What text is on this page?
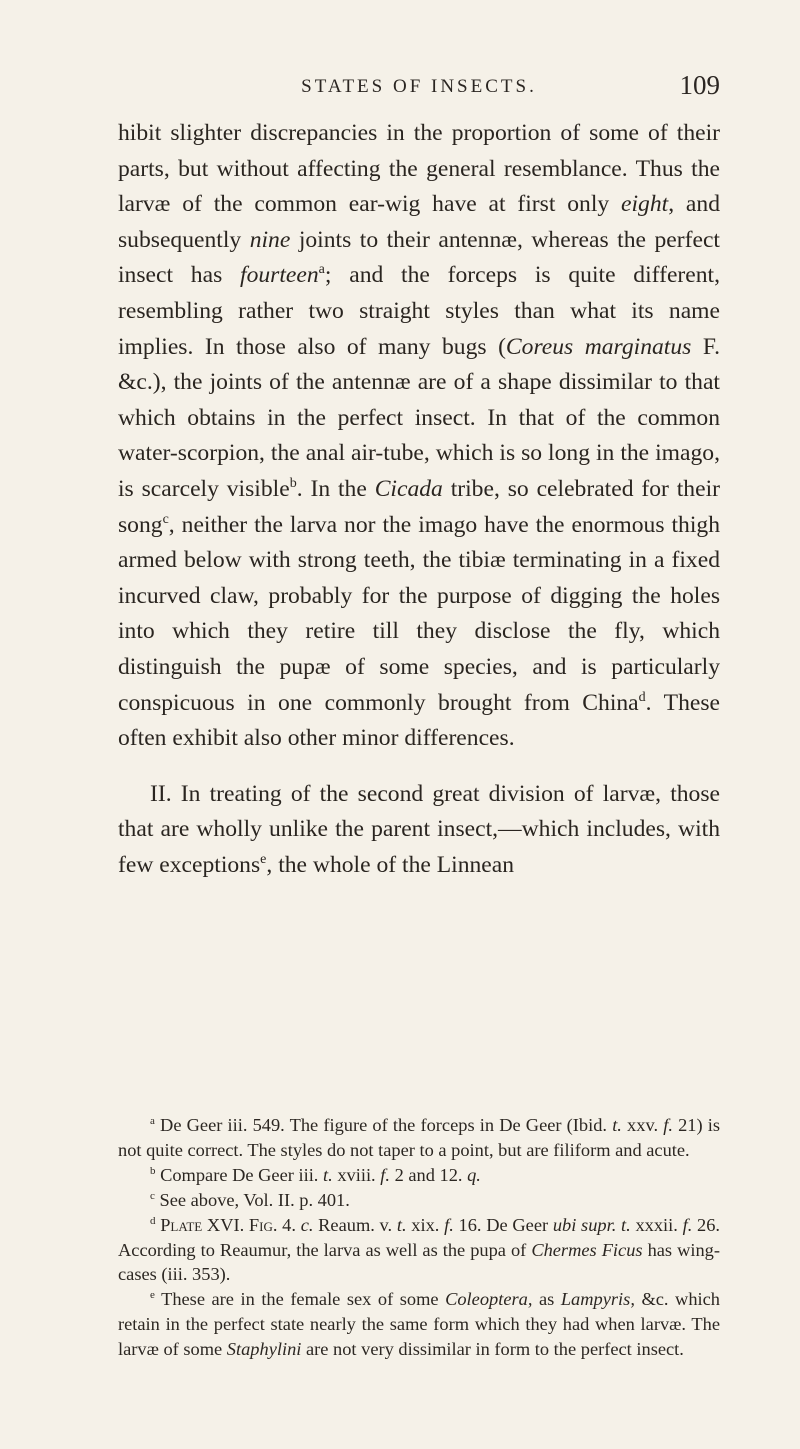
STATES OF INSECTS.	109

hibit slighter discrepancies in the proportion of some of their parts, but without affecting the general resemblance. Thus the larvæ of the common ear-wig have at first only eight, and subsequently nine joints to their antennæ, whereas the perfect insect has fourteen$^a$; and the forceps is quite different, resembling rather two straight styles than what its name implies. In those also of many bugs (Coreus marginatus F. &c.), the joints of the antennæ are of a shape dissimilar to that which obtains in the perfect insect. In that of the common water-scorpion, the anal air-tube, which is so long in the imago, is scarcely visible$^b$. In the Cicada tribe, so celebrated for their song$^c$, neither the larva nor the imago have the enormous thigh armed below with strong teeth, the tibiæ terminating in a fixed incurved claw, probably for the purpose of digging the holes into which they retire till they disclose the fly, which distinguish the pupæ of some species, and is particularly conspicuous in one commonly brought from China$^d$. These often exhibit also other minor differences.

II. In treating of the second great division of larvæ, those that are wholly unlike the parent insect,—which includes, with few exceptions$^e$, the whole of the Linnean

$^a$ De Geer iii. 549. The figure of the forceps in De Geer (Ibid. t. xxv. f. 21) is not quite correct. The styles do not taper to a point, but are filiform and acute.

$^b$ Compare De Geer iii. t. xviii. f. 2 and 12. q.

$^c$ See above, Vol. II. p. 401.

$^d$ Plate XVI. Fig. 4. c. Reaum. v. t. xix. f. 16. De Geer ubi supr. t. xxxii. f. 26. According to Reaumur, the larva as well as the pupa of Chermes Ficus has wing-cases (iii. 353).

$^e$ These are in the female sex of some Coleoptera, as Lampyris, &c. which retain in the perfect state nearly the same form which they had when larvæ. The larvæ of some Staphylini are not very dissimilar in form to the perfect insect.
